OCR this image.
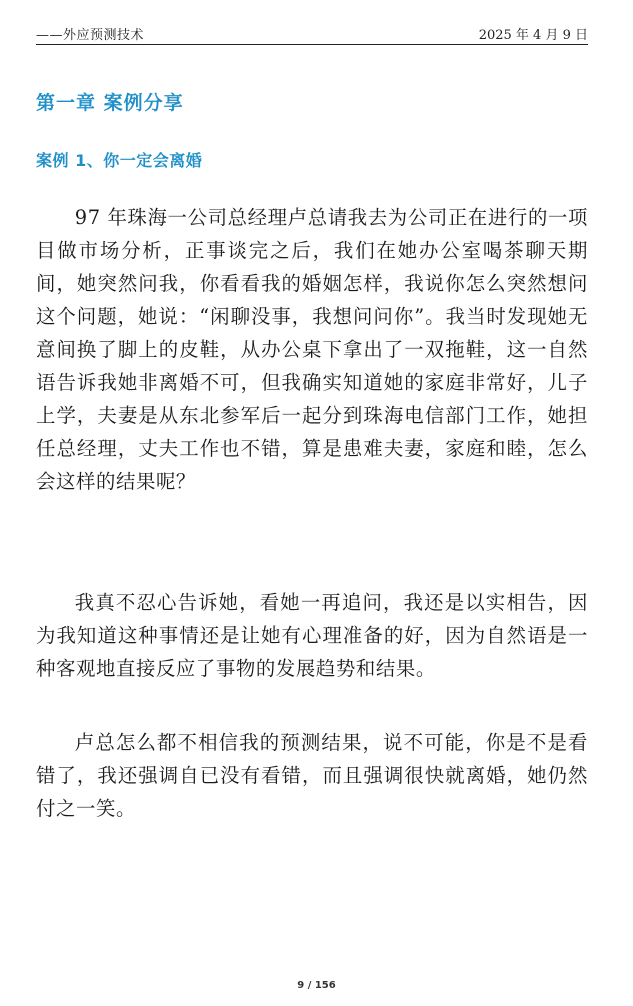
——外应预测技术	2025 年 4 月 9 日
第一章 案例分享
案例 1、你一定会离婚

97 年珠海一公司总经理卢总请我去为公司正在进行的一项目做市场分析，正事谈完之后，我们在她办公室喝茶聊天期间，她突然问我，你看看我的婚姻怎样，我说你怎么突然想问这个问题，她说：“闲聊没事，我想问问你”。我当时发现她无意间换了脚上的皮鞋，从办公桌下拿出了一双拖鞋，这一自然语告诉我她非离婚不可，但我确实知道她的家庭非常好，儿子上学，夫妻是从东北参军后一起分到珠海电信部门工作，她担任总经理，丈夫工作也不错，算是患难夫妻，家庭和睦，怎么会这样的结果呢？

我真不忍心告诉她，看她一再追问，我还是以实相告，因为我知道这种事情还是让她有心理准备的好，因为自然语是一种客观地直接反应了事物的发展趋势和结果。

卢总怎么都不相信我的预测结果，说不可能，你是不是看错了，我还强调自已没有看错，而且强调很快就离婚，她仍然付之一笑。

9 / 156
